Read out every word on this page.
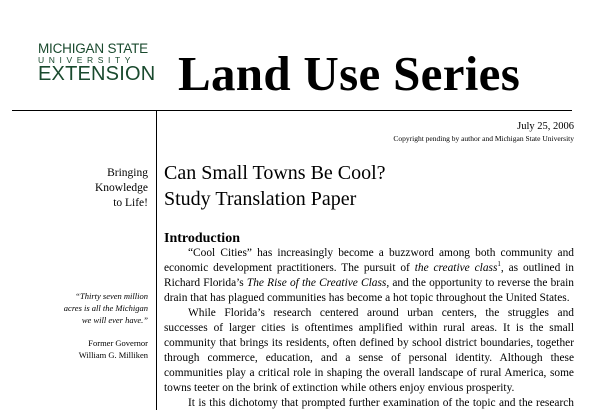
MICHIGAN STATE
UNIVERSITY
EXTENSION Land Use Series
July 25, 2006
Copyright pending by author and Michigan State University
Bringing
Knowledge
to Life!
“Thirty seven million
acres is all the Michigan
we will ever have.”
Former Governor
William G. Milliken
Can Small Towns Be Cool?
Study Translation Paper
Introduction
“Cool Cities” has increasingly become a buzzword among both community and
economic development practitioners. The pursuit of the creative class$^1$, as outlined in
Richard Florida’s The Rise of the Creative Class, and the opportunity to reverse the brain
drain that has plagued communities has become a hot topic throughout the United States.
While Florida’s research centered around urban centers, the struggles and
successes of larger cities is oftentimes amplified within rural areas. It is the small
community that brings its residents, often defined by school district boundaries, together
through commerce, education, and a sense of personal identity. Although these
communities play a critical role in shaping the overall landscape of rural America, some
towns teeter on the brink of extinction while others enjoy envious prosperity.
It is this dichotomy that prompted further examination of the topic and the research
